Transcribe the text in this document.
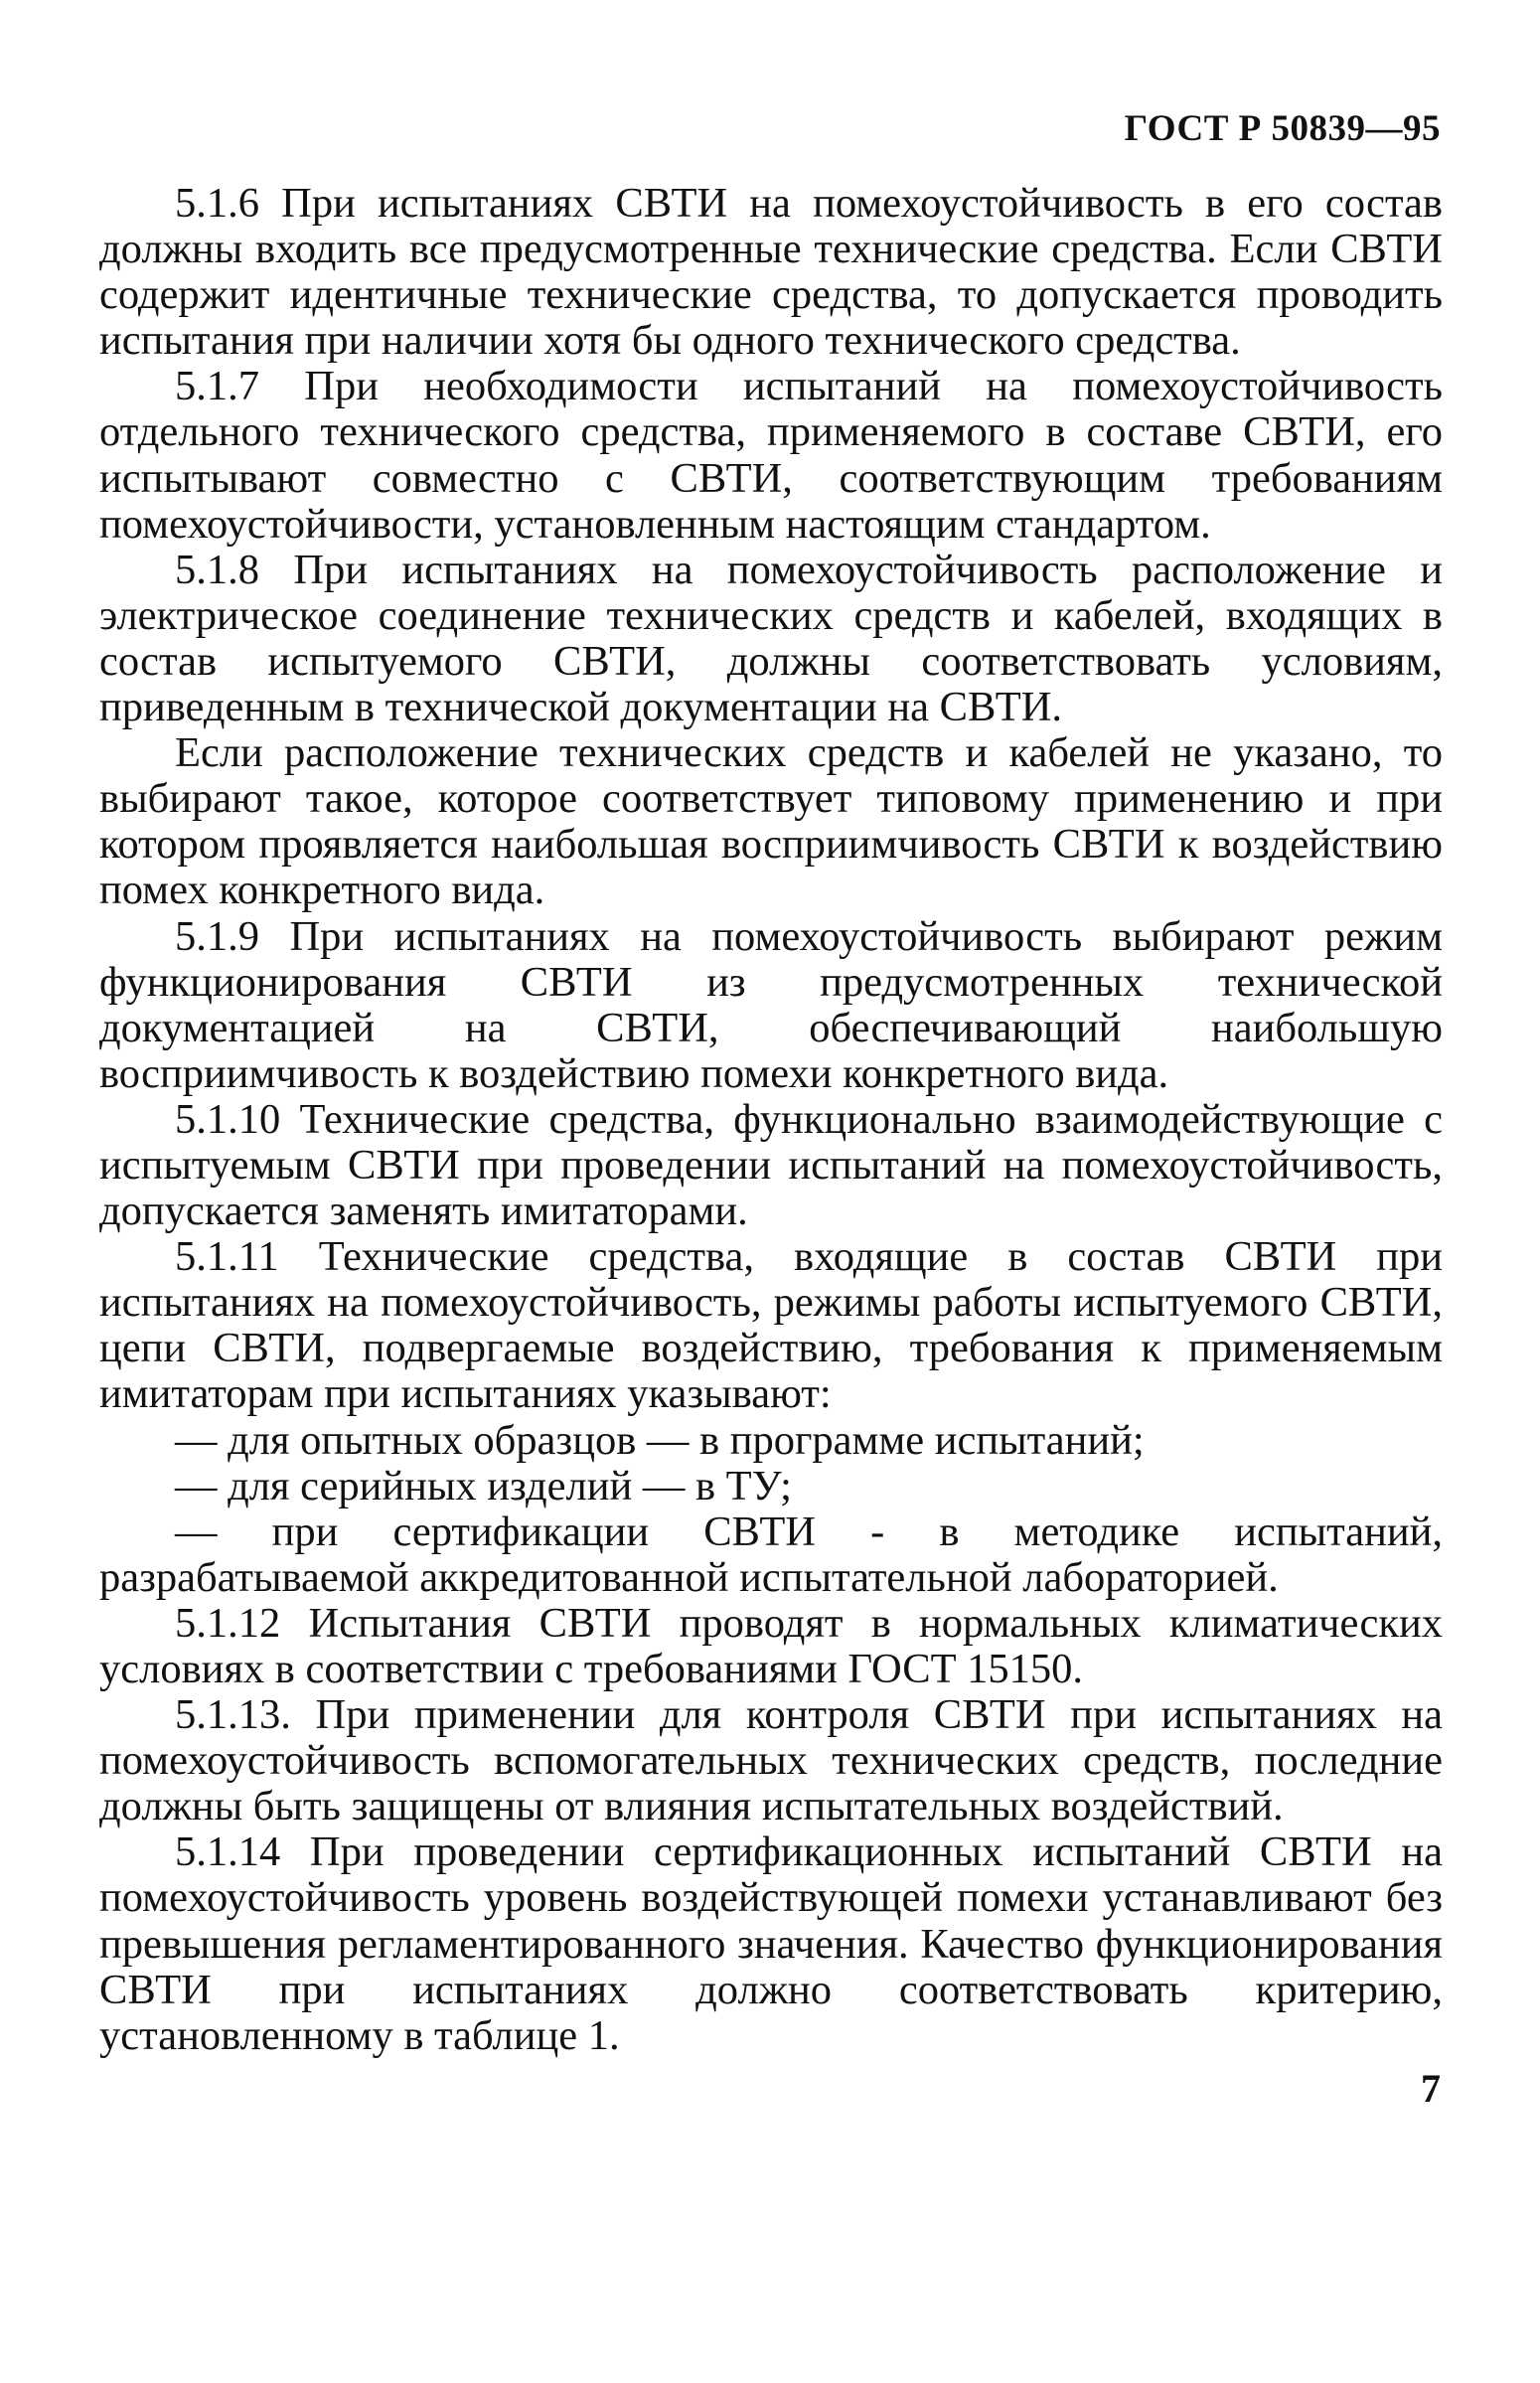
ГОСТ Р 50839—95

5.1.6 При испытаниях СВТИ на помехоустойчивость в его состав должны входить все предусмотренные технические средства. Если СВТИ содержит идентичные технические средства, то допускается проводить испытания при наличии хотя бы одного технического средства.

5.1.7 При необходимости испытаний на помехоустойчивость отдельного технического средства, применяемого в составе СВТИ, его испытывают совместно с СВТИ, соответствующим требованиям помехоустойчивости, установленным настоящим стандартом.

5.1.8 При испытаниях на помехоустойчивость расположение и электрическое соединение технических средств и кабелей, входящих в состав испытуемого СВТИ, должны соответствовать условиям, приведенным в технической документации на СВТИ.

Если расположение технических средств и кабелей не указано, то выбирают такое, которое соответствует типовому применению и при котором проявляется наибольшая восприимчивость СВТИ к воздействию помех конкретного вида.

5.1.9 При испытаниях на помехоустойчивость выбирают режим функционирования СВТИ из предусмотренных технической документацией на СВТИ, обеспечивающий наибольшую восприимчивость к воздействию помехи конкретного вида.

5.1.10 Технические средства, функционально взаимодействующие с испытуемым СВТИ при проведении испытаний на помехоустойчивость, допускается заменять имитаторами.

5.1.11 Технические средства, входящие в состав СВТИ при испытаниях на помехоустойчивость, режимы работы испытуемого СВТИ, цепи СВТИ, подвергаемые воздействию, требования к применяемым имитаторам при испытаниях указывают:

— для опытных образцов — в программе испытаний;

— для серийных изделий — в ТУ;

— при сертификации СВТИ - в методике испытаний, разрабатываемой аккредитованной испытательной лабораторией.

5.1.12 Испытания СВТИ проводят в нормальных климатических условиях в соответствии с требованиями ГОСТ 15150.

5.1.13. При применении для контроля СВТИ при испытаниях на помехоустойчивость вспомогательных технических средств, последние должны быть защищены от влияния испытательных воздействий.

5.1.14 При проведении сертификационных испытаний СВТИ на помехоустойчивость уровень воздействующей помехи устанавливают без превышения регламентированного значения. Качество функционирования СВТИ при испытаниях должно соответствовать критерию, установленному в таблице 1.

7
